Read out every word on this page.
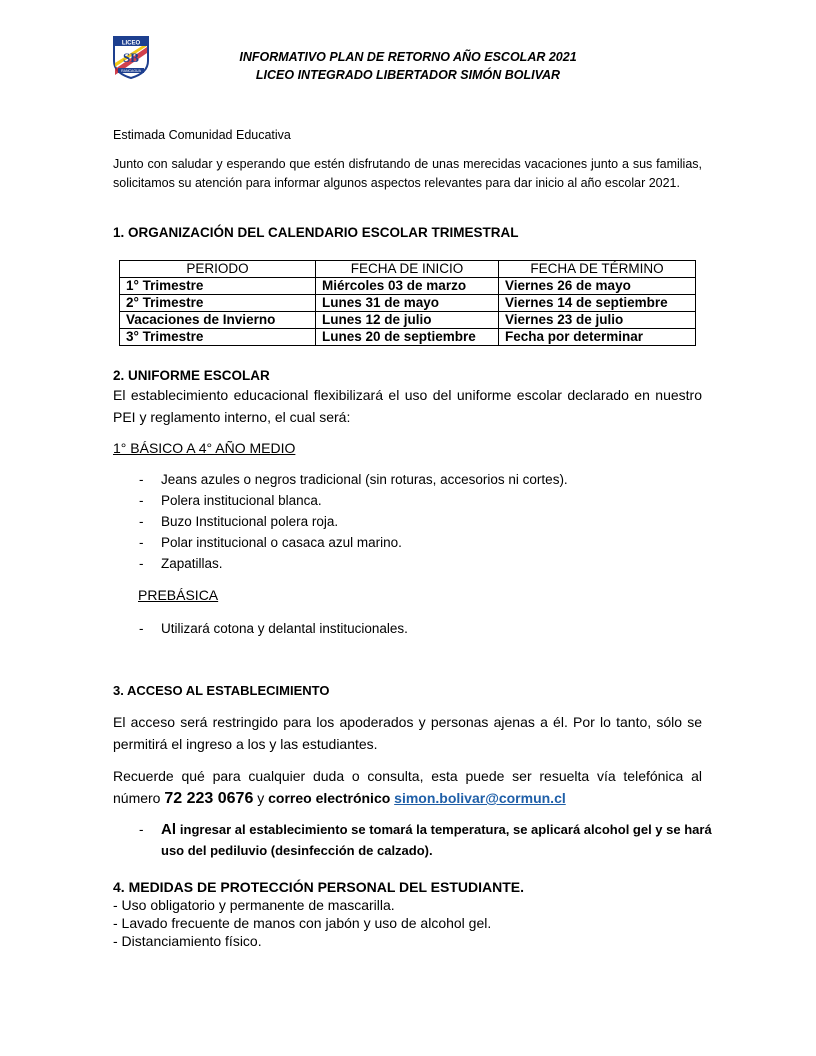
LICEO
SB
RANCAGUA
INFORMATIVO PLAN DE RETORNO AÑO ESCOLAR 2021
LICEO INTEGRADO LIBERTADOR SIMÓN BOLIVAR
Estimada Comunidad Educativa
Junto con saludar y esperando que estén disfrutando de unas merecidas vacaciones junto a sus familias, solicitamos su atención para informar algunos aspectos relevantes para dar inicio al año escolar 2021.
1. ORGANIZACIÓN DEL CALENDARIO ESCOLAR TRIMESTRAL
PERIODO	FECHA DE INICIO	FECHA DE TÉRMINO
1° Trimestre	Miércoles 03 de marzo	Viernes 26 de mayo
2° Trimestre	Lunes 31 de mayo	Viernes 14 de septiembre
Vacaciones de Invierno	Lunes 12 de julio	Viernes 23 de julio
3° Trimestre	Lunes 20 de septiembre	Fecha por determinar
2. UNIFORME ESCOLAR
El establecimiento educacional flexibilizará el uso del uniforme escolar declarado en nuestro PEI y reglamento interno, el cual será:
1° BÁSICO A 4° AÑO MEDIO
- Jeans azules o negros tradicional (sin roturas, accesorios ni cortes).
- Polera institucional blanca.
- Buzo Institucional polera roja.
- Polar institucional o casaca azul marino.
- Zapatillas.
PREBÁSICA
- Utilizará cotona y delantal institucionales.
3. ACCESO AL ESTABLECIMIENTO
El acceso será restringido para los apoderados y personas ajenas a él. Por lo tanto, sólo se permitirá el ingreso a los y las estudiantes.
Recuerde qué para cualquier duda o consulta, esta puede ser resuelta vía telefónica al
número 72 223 0676 y correo electrónico simon.bolivar@cormun.cl
- Al ingresar al establecimiento se tomará la temperatura, se aplicará alcohol gel y se hará
uso del pediluvio (desinfección de calzado).
4. MEDIDAS DE PROTECCIÓN PERSONAL DEL ESTUDIANTE.
- Uso obligatorio y permanente de mascarilla.
- Lavado frecuente de manos con jabón y uso de alcohol gel.
- Distanciamiento físico.
